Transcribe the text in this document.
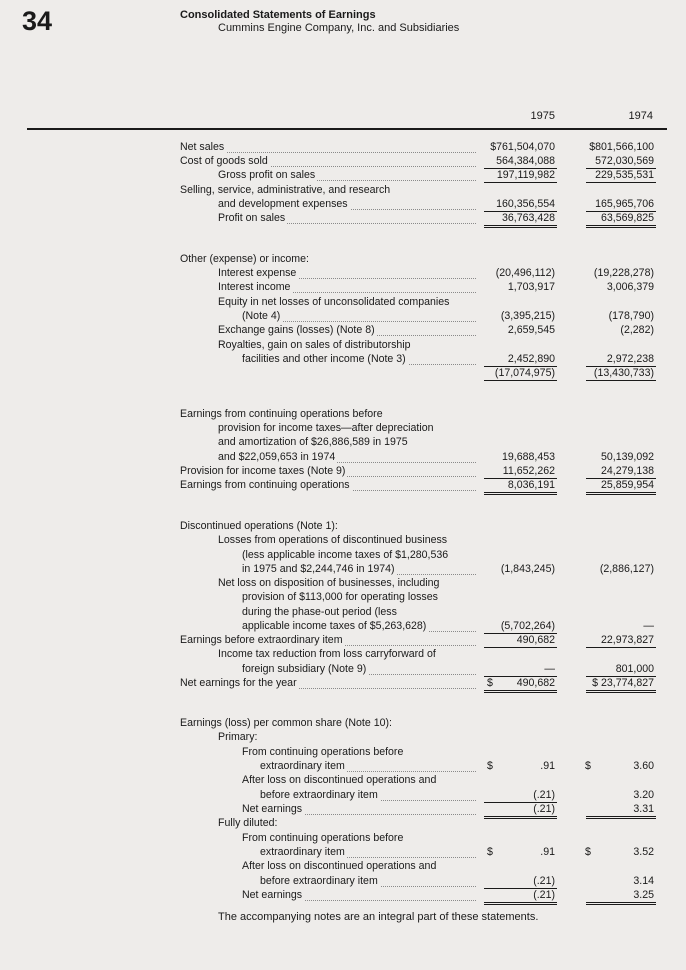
34	Consolidated Statements of Earnings
Cummins Engine Company, Inc. and Subsidiaries
1975	1974
Net sales	$761,504,070	$801,566,100
Cost of goods sold	564,384,088	572,030,569
Gross profit on sales	197,119,982	229,535,531
Selling, service, administrative, and research
and development expenses	160,356,554	165,965,706
Profit on sales	36,763,428	63,569,825
Other (expense) or income:
Interest expense	(20,496,112)	(19,228,278)
Interest income	1,703,917	3,006,379
Equity in net losses of unconsolidated companies
(Note 4)	(3,395,215)	(178,790)
Exchange gains (losses) (Note 8)	2,659,545	(2,282)
Royalties, gain on sales of distributorship
facilities and other income (Note 3)	2,452,890	2,972,238
(17,074,975)	(13,430,733)
Earnings from continuing operations before
provision for income taxes—after depreciation
and amortization of $26,886,589 in 1975
and $22,059,653 in 1974	19,688,453	50,139,092
Provision for income taxes (Note 9)	11,652,262	24,279,138
Earnings from continuing operations	8,036,191	25,859,954
Discontinued operations (Note 1):
Losses from operations of discontinued business
(less applicable income taxes of $1,280,536
in 1975 and $2,244,746 in 1974)	(1,843,245)	(2,886,127)
Net loss on disposition of businesses, including
provision of $113,000 for operating losses
during the phase-out period (less
applicable income taxes of $5,263,628)	(5,702,264)	—
Earnings before extraordinary item	490,682	22,973,827
Income tax reduction from loss carryforward of
foreign subsidiary (Note 9)	—	801,000
Net earnings for the year	490,682	$ 23,774,827
$
Earnings (loss) per common share (Note 10):
Primary:
From continuing operations before
extraordinary item	.91	3.60
$	$
After loss on discontinued operations and
before extraordinary item	(.21)	3.20
Net earnings	(.21)	3.31
Fully diluted:
From continuing operations before
extraordinary item	.91	3.52
$	$
After loss on discontinued operations and
before extraordinary item	(.21)	3.14
Net earnings	(.21)	3.25
The accompanying notes are an integral part of these statements.
